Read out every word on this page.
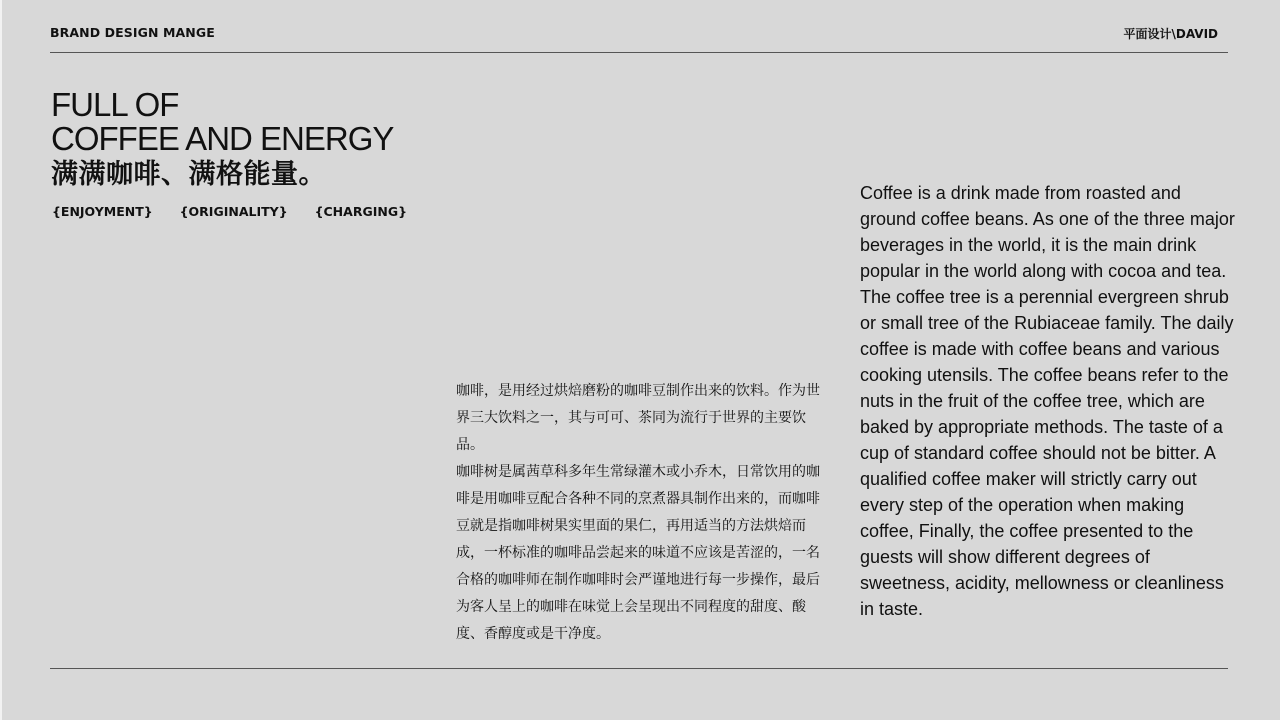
BRAND DESIGN MANGE	平面设计\DAVID
FULL OF
COFFEE AND ENERGY
满满咖啡、满格能量。
{ENJOYMENT} {ORIGINALITY} {CHARGING}

咖啡，是用经过烘焙磨粉的咖啡豆制作出来的饮料。作为世界三大饮料之一，其与可可、茶同为流行于世界的主要饮品。

咖啡树是属茜草科多年生常绿灌木或小乔木，日常饮用的咖啡是用咖啡豆配合各种不同的烹煮器具制作出来的，而咖啡豆就是指咖啡树果实里面的果仁，再用适当的方法烘焙而成，一杯标准的咖啡品尝起来的味道不应该是苦涩的，一名合格的咖啡师在制作咖啡时会严谨地进行每一步操作，最后为客人呈上的咖啡在味觉上会呈现出不同程度的甜度、酸度、香醇度或是干净度。

Coffee is a drink made from roasted and ground coffee beans. As one of the three major beverages in the world, it is the main drink popular in the world along with cocoa and tea.

The coffee tree is a perennial evergreen shrub or small tree of the Rubiaceae family. The daily coffee is made with coffee beans and various cooking utensils. The coffee beans refer to the nuts in the fruit of the coffee tree, which are baked by appropriate methods. The taste of a cup of standard coffee should not be bitter. A qualified coffee maker will strictly carry out every step of the operation when making coffee, Finally, the coffee presented to the guests will show different degrees of sweetness, acidity, mellowness or cleanliness in taste.
